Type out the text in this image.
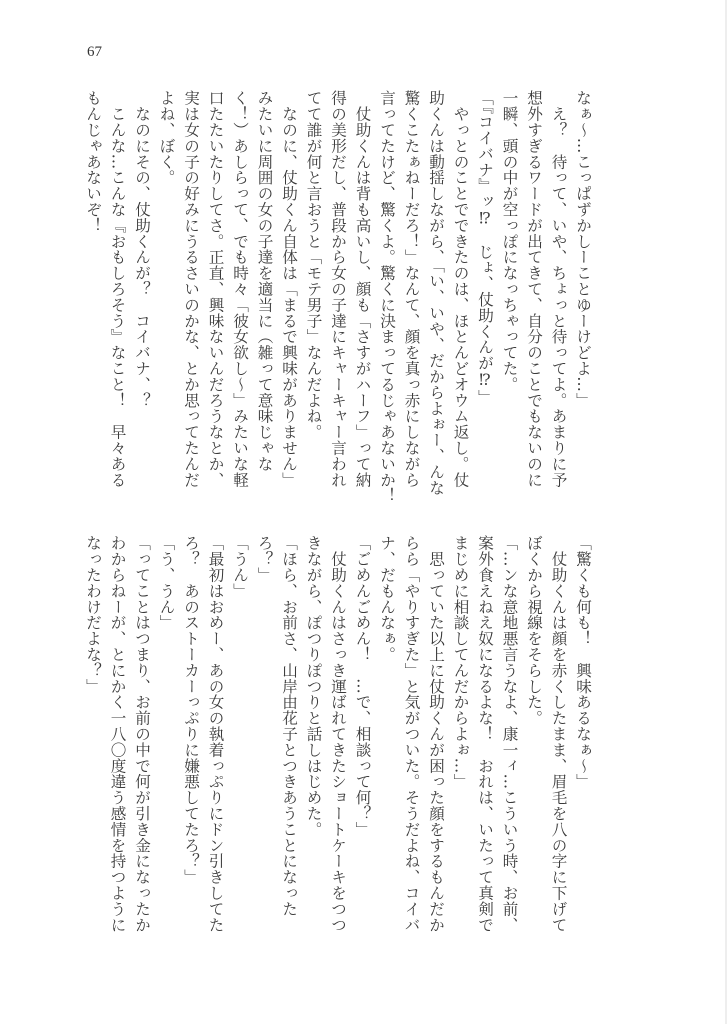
67
なぁ〜…こっぱずかしーことゆーけどよ…」
　え？　待って、いや、ちょっと待ってよ。あまりに予
想外すぎるワードが出てきて、自分のことでもないのに
一瞬、頭の中が空っぽになっちゃってた。
「『コイバナ』ッ⁉　じょ、仗助くんが⁉」
　やっとのことでできたのは、ほとんどオウム返し。仗
助くんは動揺しながら、「い、いや、だからよぉー、んな
驚くこたぁねーだろ！」なんて、顔を真っ赤にしながら
言ってたけど、驚くよ。驚くに決まってるじゃあないか！
　仗助くんは背も高いし、顔も「さすがハーフ」って納
得の美形だし、普段から女の子達にキャーキャー言われ
てて誰が何と言おうと「モテ男子」なんだよね。
　なのに、仗助くん自体は「まるで興味がありません」
みたいに周囲の女の子達を適当に（雑って意味じゃな
く！）あしらって、でも時々「彼女欲し〜」みたいな軽
口たたいたりしてさ。正直、興味ないんだろうなとか、
実は女の子の好みにうるさいのかな、とか思ってたんだ
よね、ぼく。
　なのにその、仗助くんが？　コイバナ、？
　こんな…こんな『おもしろそう』なこと！　早々ある
もんじゃあないぞ！
「驚くも何も！　興味あるなぁ〜」
　仗助くんは顔を赤くしたまま、眉毛を八の字に下げて
ぼくから視線をそらした。
「…ンな意地悪言うなよ、康一ィ…こういう時、お前、
案外食えねえ奴になるよな！　おれは、いたって真剣で
まじめに相談してんだからよぉ…」
　思っていた以上に仗助くんが困った顔をするもんだか
らら「やりすぎた」と気がついた。そうだよね、コイバ
ナ、だもんなぁ。
「ごめんごめん！　…で、相談って何？」
　仗助くんはさっき運ばれてきたショートケーキをつつ
きながら、ぽつりぽつりと話しはじめた。
「ほら、お前さ、山岸由花子とつきあうことになった
ろ？」
「うん」
「最初はおめー、あの女の執着っぷりにドン引きしてた
ろ？　あのストーカーっぷりに嫌悪してたろ？」
「う、うん」
「ってことはつまり、お前の中で何が引き金になったか
わからねーが、とにかく一八〇度違う感情を持つように
なったわけだよな？」
